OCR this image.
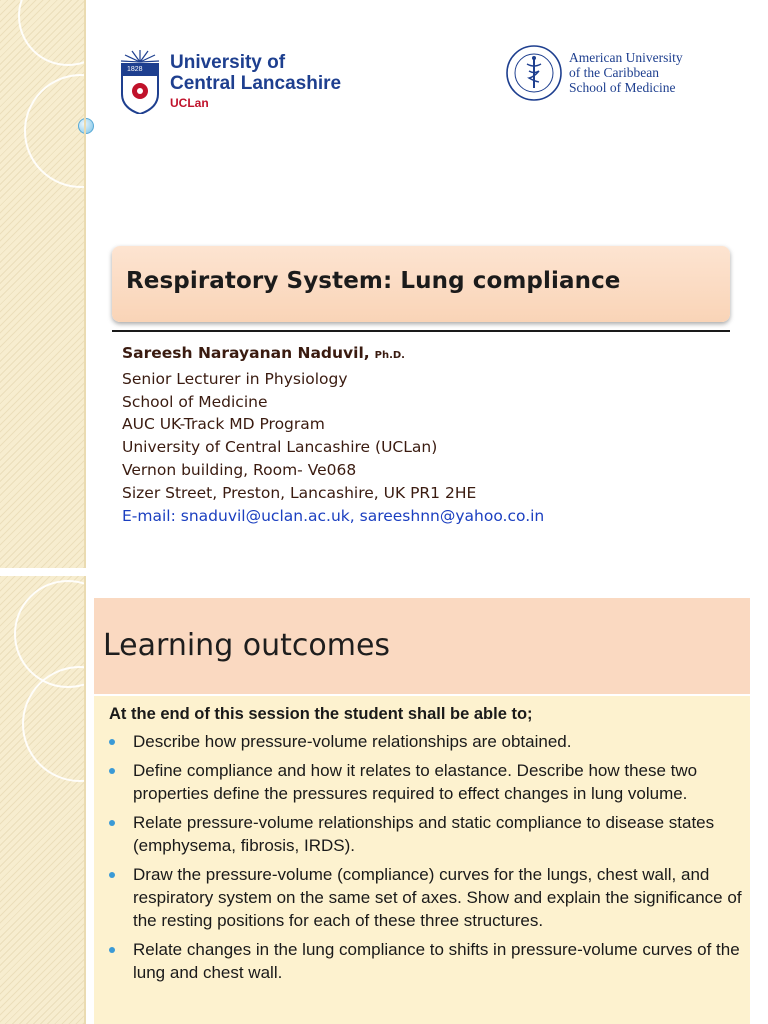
1828 University of
Central Lancashire
UCLan
American University
of the Caribbean
School of Medicine
Respiratory System: Lung compliance
Sareesh Narayanan Naduvil, Ph.D.
Senior Lecturer in Physiology
School of Medicine
AUC UK-Track MD Program
University of Central Lancashire (UCLan)
Vernon building, Room- Ve068
Sizer Street, Preston, Lancashire, UK PR1 2HE
E-mail: snaduvil@uclan.ac.uk, sareeshnn@yahoo.co.in
Learning outcomes
At the end of this session the student shall be able to;
Describe how pressure-volume relationships are obtained.
Define compliance and how it relates to elastance. Describe how these two properties define the pressures required to effect changes in lung volume.
Relate pressure-volume relationships and static compliance to disease states (emphysema, fibrosis, IRDS).
Draw the pressure-volume (compliance) curves for the lungs, chest wall, and respiratory system on the same set of axes. Show and explain the significance of the resting positions for each of these three structures.
Relate changes in the lung compliance to shifts in pressure-volume curves of the lung and chest wall.
